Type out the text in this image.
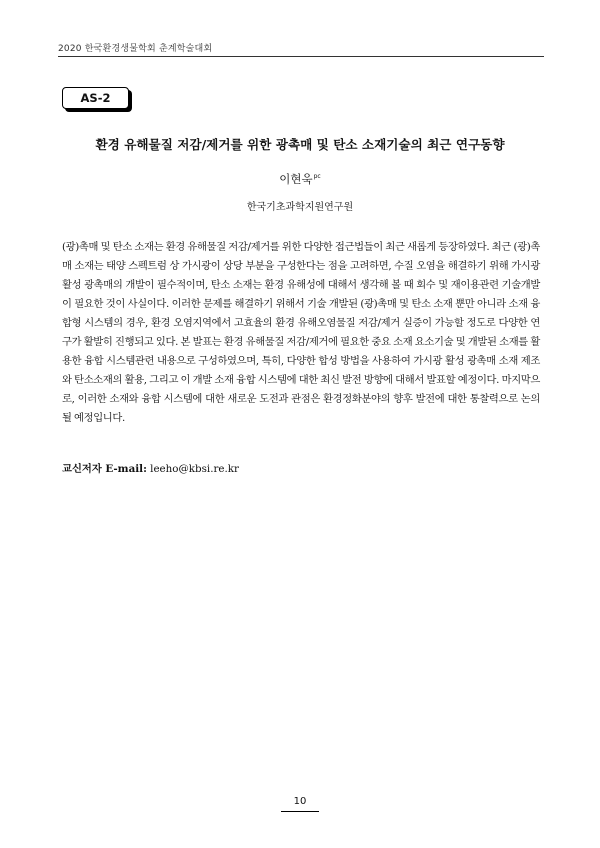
2020 한국환경생물학회 춘계학술대회
AS-2
환경 유해물질 저감/제거를 위한 광촉매 및 탄소 소재기술의 최근 연구동향
이현욱$^{pc}$
한국기초과학지원연구원

(광)촉매 및 탄소 소재는 환경 유해물질 저감/제거를 위한 다양한 접근법들이 최근 새롭게 등장하였다. 최근 (광)촉매 소재는 태양 스펙트럼 상 가시광이 상당 부분을 구성한다는 점을 고려하면, 수질 오염을 해결하기 위해 가시광 활성 광촉매의 개발이 필수적이며, 탄소 소재는 환경 유해성에 대해서 생각해 볼 때 회수 및 재이용관련 기술개발이 필요한 것이 사실이다. 이러한 문제를 해결하기 위해서 기술 개발된 (광)촉매 및 탄소 소재 뿐만 아니라 소재 융합형 시스템의 경우, 환경 오염지역에서 고효율의 환경 유해오염물질 저감/제거 실증이 가능할 정도로 다양한 연구가 활발히 진행되고 있다. 본 발표는 환경 유해물질 저감/제거에 필요한 중요 소재 요소기술 및 개발된 소재를 활용한 융합 시스템관련 내용으로 구성하였으며, 특히, 다양한 합성 방법을 사용하여 가시광 활성 광촉매 소재 제조와 탄소소재의 활용, 그리고 이 개발 소재 융합 시스템에 대한 최신 발전 방향에 대해서 발표할 예정이다. 마지막으로, 이러한 소재와 융합 시스템에 대한 새로운 도전과 관점은 환경정화분야의 향후 발전에 대한 통찰력으로 논의 될 예정입니다.

교신저자 E-mail: leeho@kbsi.re.kr
10
